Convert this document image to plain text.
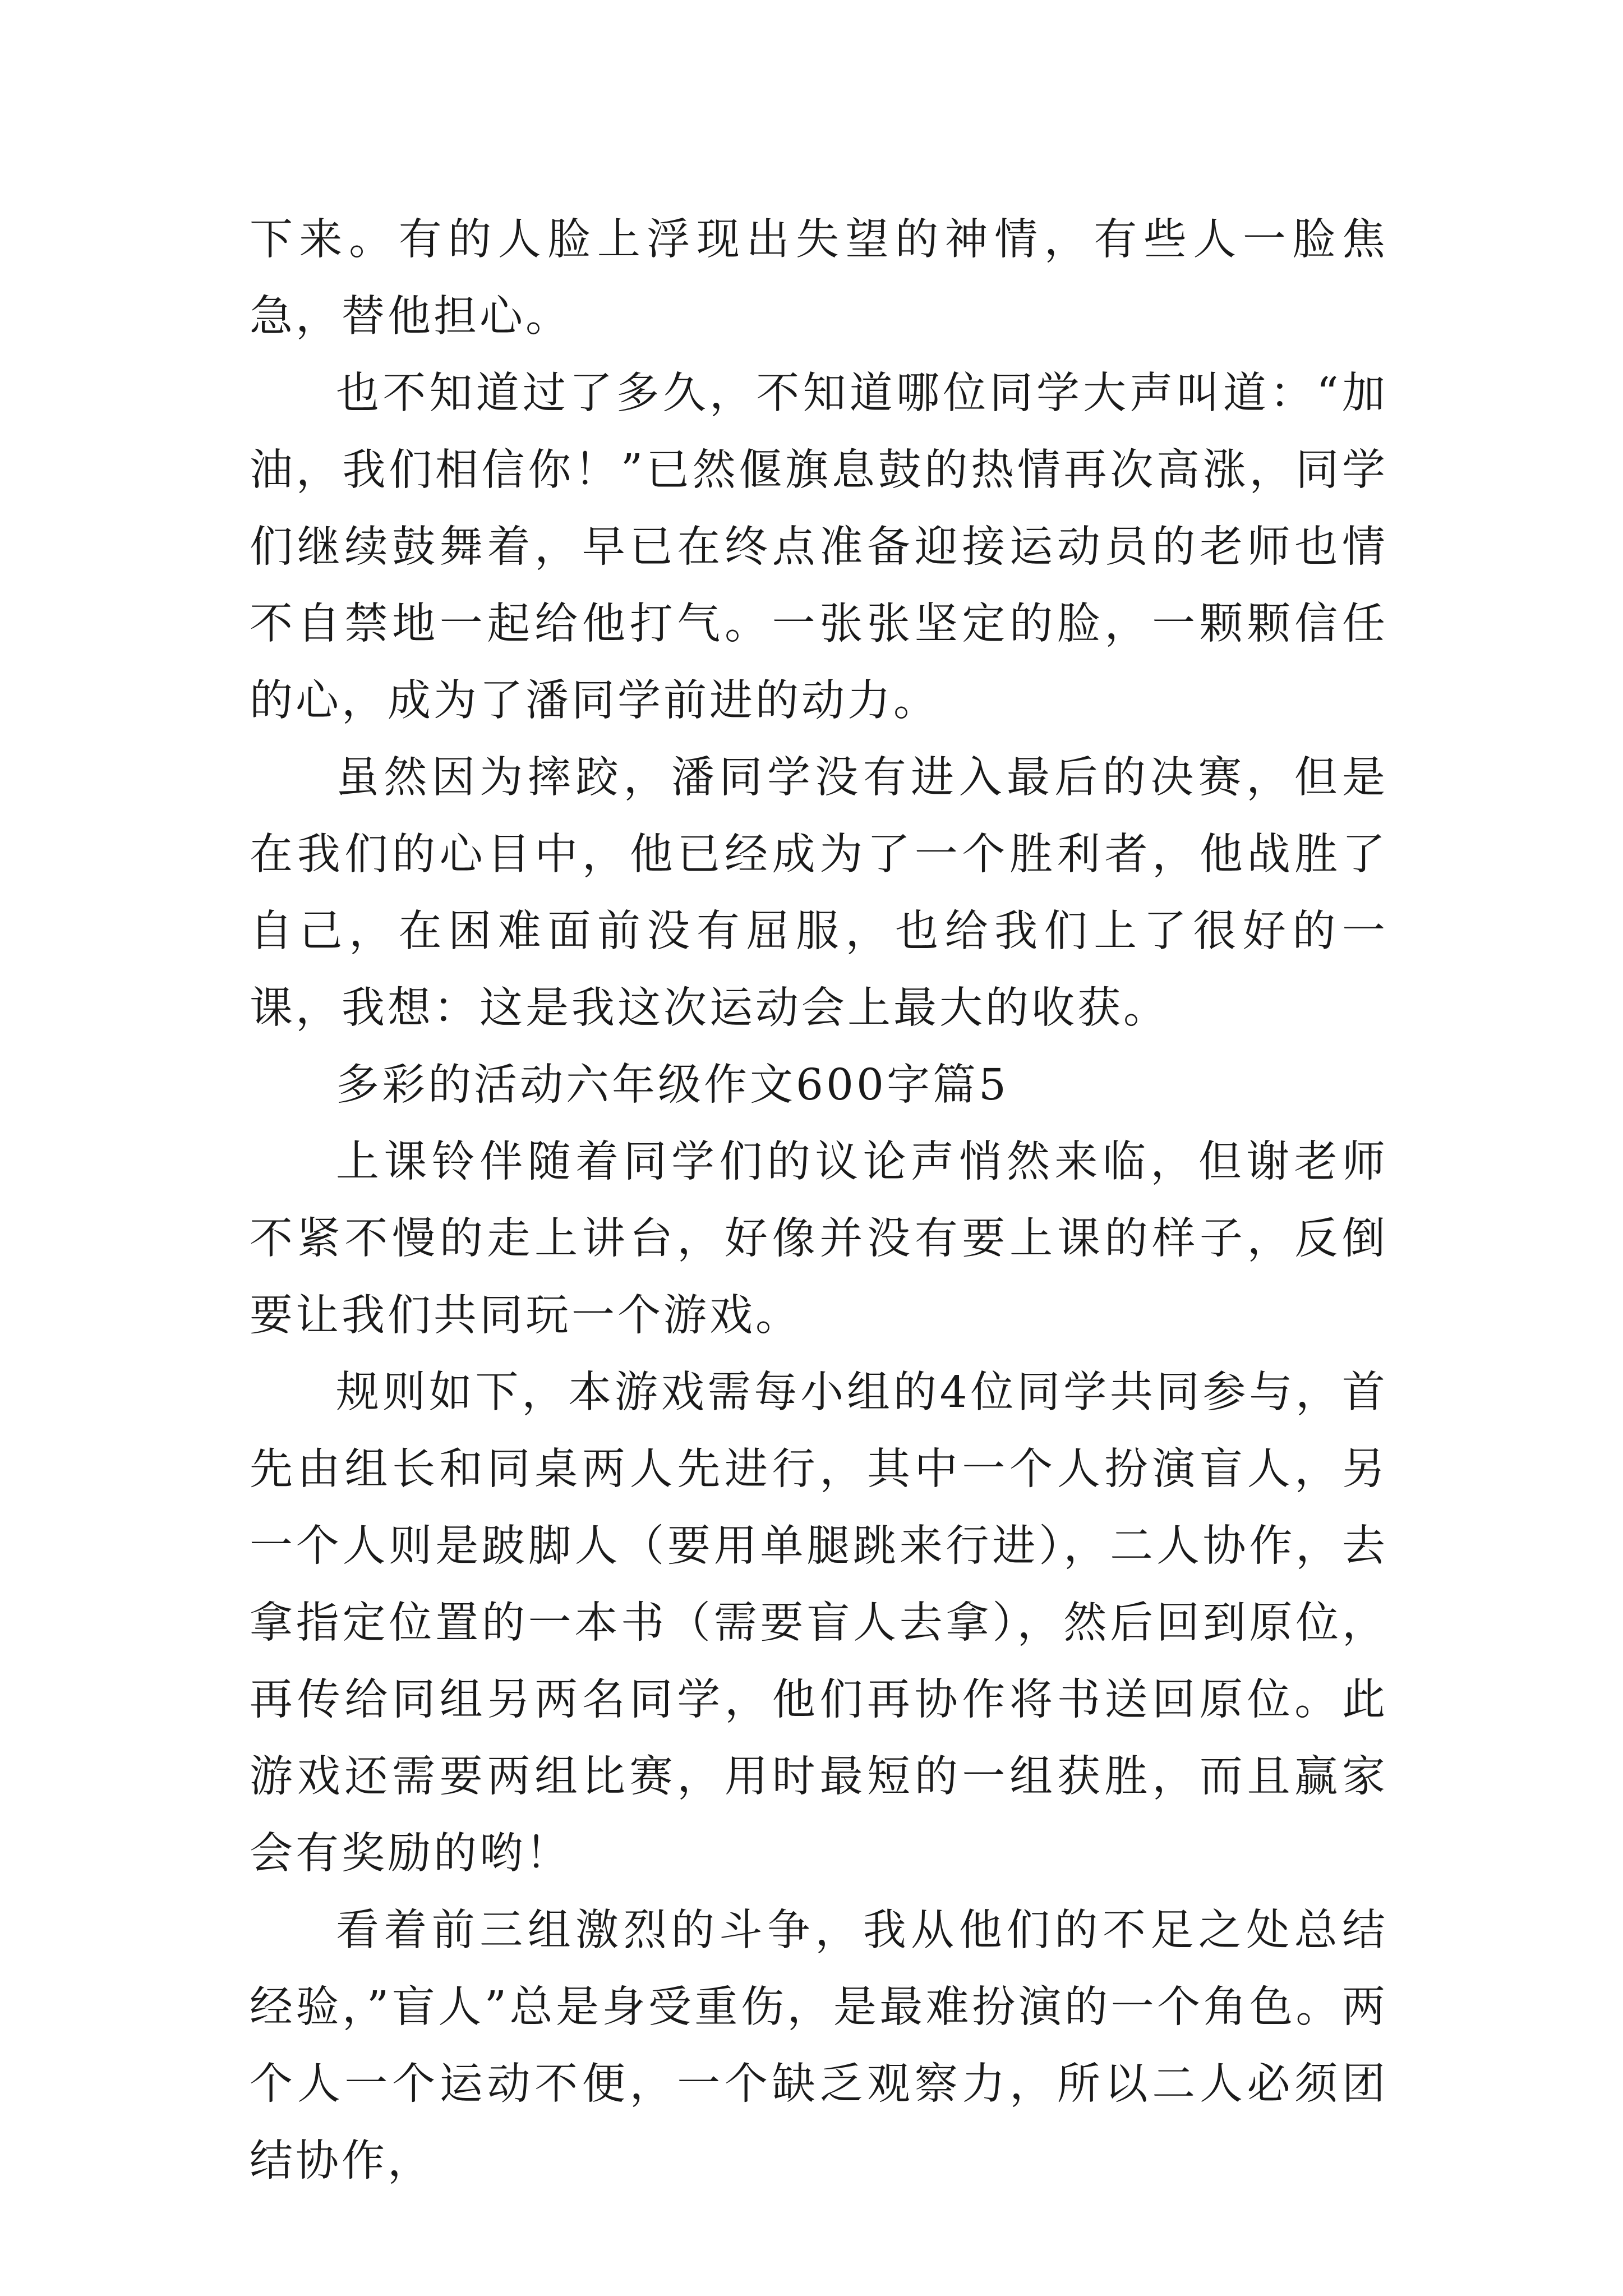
下来。有的人脸上浮现出失望的神情，有些人一脸焦急，替他担心。

也不知道过了多久，不知道哪位同学大声叫道：“加油，我们相信你！”已然偃旗息鼓的热情再次高涨，同学们继续鼓舞着，早已在终点准备迎接运动员的老师也情不自禁地一起给他打气。一张张坚定的脸，一颗颗信任的心，成为了潘同学前进的动力。

虽然因为摔跤，潘同学没有进入最后的决赛，但是在我们的心目中，他已经成为了一个胜利者，他战胜了自己，在困难面前没有屈服，也给我们上了很好的一课，我想：这是我这次运动会上最大的收获。

多彩的活动六年级作文600字篇5

上课铃伴随着同学们的议论声悄然来临，但谢老师不紧不慢的走上讲台，好像并没有要上课的样子，反倒要让我们共同玩一个游戏。

规则如下，本游戏需每小组的4位同学共同参与，首先由组长和同桌两人先进行，其中一个人扮演盲人，另一个人则是跛脚人（要用单腿跳来行进），二人协作，去拿指定位置的一本书（需要盲人去拿），然后回到原位，再传给同组另两名同学，他们再协作将书送回原位。此游戏还需要两组比赛，用时最短的一组获胜，而且赢家会有奖励的哟！

看着前三组激烈的斗争，我从他们的不足之处总结经验，”盲人”总是身受重伤，是最难扮演的一个角色。两个人一个运动不便，一个缺乏观察力，所以二人必须团结协作，
